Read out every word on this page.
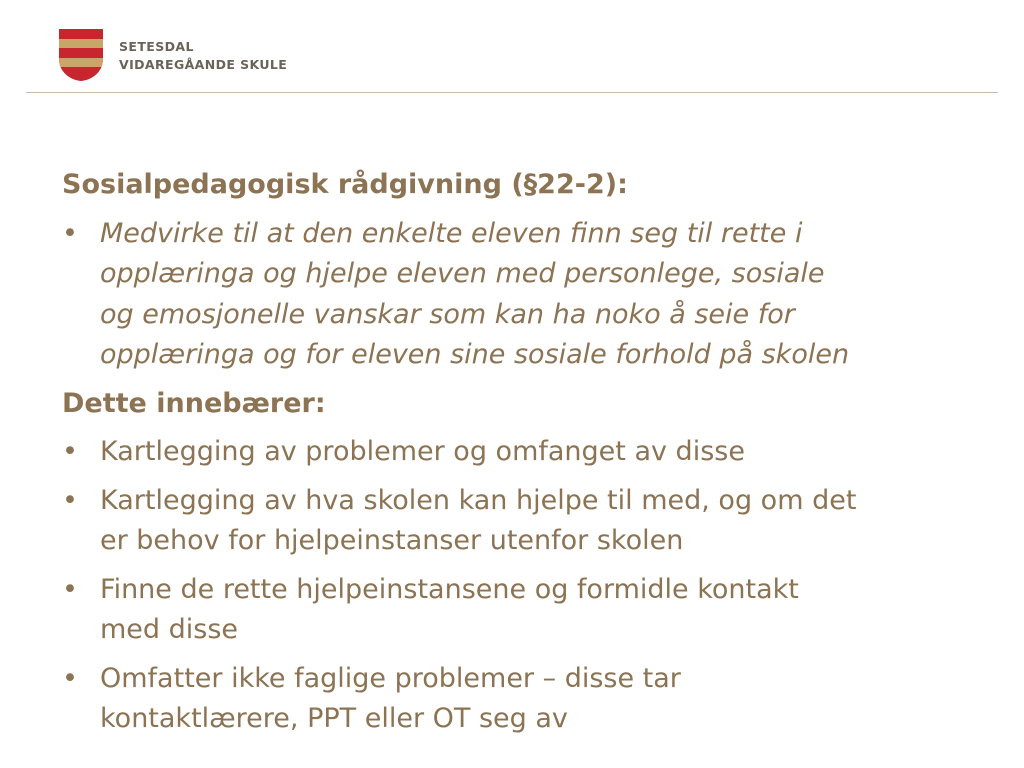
SETESDAL
VIDAREGÅANDE SKULE
Sosialpedagogisk rådgivning (§22-2):
• Medvirke til at den enkelte eleven finn seg til rette i
opplæringa og hjelpe eleven med personlege, sosiale
og emosjonelle vanskar som kan ha noko å seie for
opplæringa og for eleven sine sosiale forhold på skolen
Dette innebærer:
• Kartlegging av problemer og omfanget av disse
• Kartlegging av hva skolen kan hjelpe til med, og om det
er behov for hjelpeinstanser utenfor skolen
• Finne de rette hjelpeinstansene og formidle kontakt
med disse
• Omfatter ikke faglige problemer – disse tar
kontaktlærere, PPT eller OT seg av
